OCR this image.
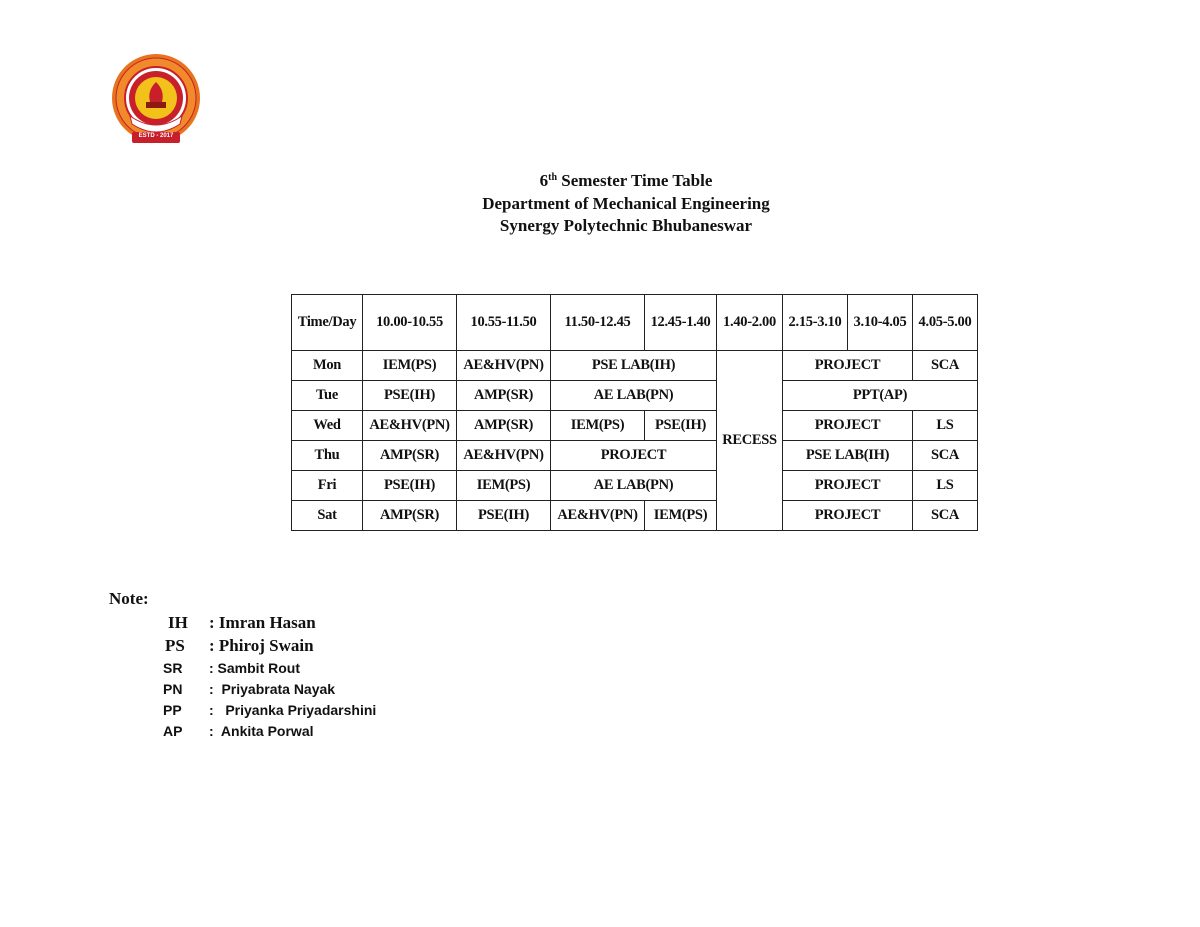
ESTD - 2017
6th Semester Time Table
Department of Mechanical Engineering
Synergy Polytechnic Bhubaneswar
Time/Day	10.00-10.55	10.55-11.50	11.50-12.45	12.45-1.40	1.40-2.00	2.15-3.10	3.10-4.05	4.05-5.00
Mon	IEM(PS)	AE&HV(PN)	PSE LAB(IH)		RECESS	PROJECT		SCA
Tue	PSE(IH)	AMP(SR)	AE LAB(PN)			PPT(AP)		
Wed	AE&HV(PN)	AMP(SR)	IEM(PS)	PSE(IH)		PROJECT		LS
Thu	AMP(SR)	AE&HV(PN)	PROJECT			PSE LAB(IH)		SCA
Fri	PSE(IH)	IEM(PS)	AE LAB(PN)			PROJECT		LS
Sat	AMP(SR)	PSE(IH)	AE&HV(PN)	IEM(PS)		PROJECT		SCA
Note:
IH	: Imran Hasan
PS	: Phiroj Swain
SR	: Sambit Rout
PN	:  Priyabrata Nayak
PP	:   Priyanka Priyadarshini
AP	:  Ankita Porwal
